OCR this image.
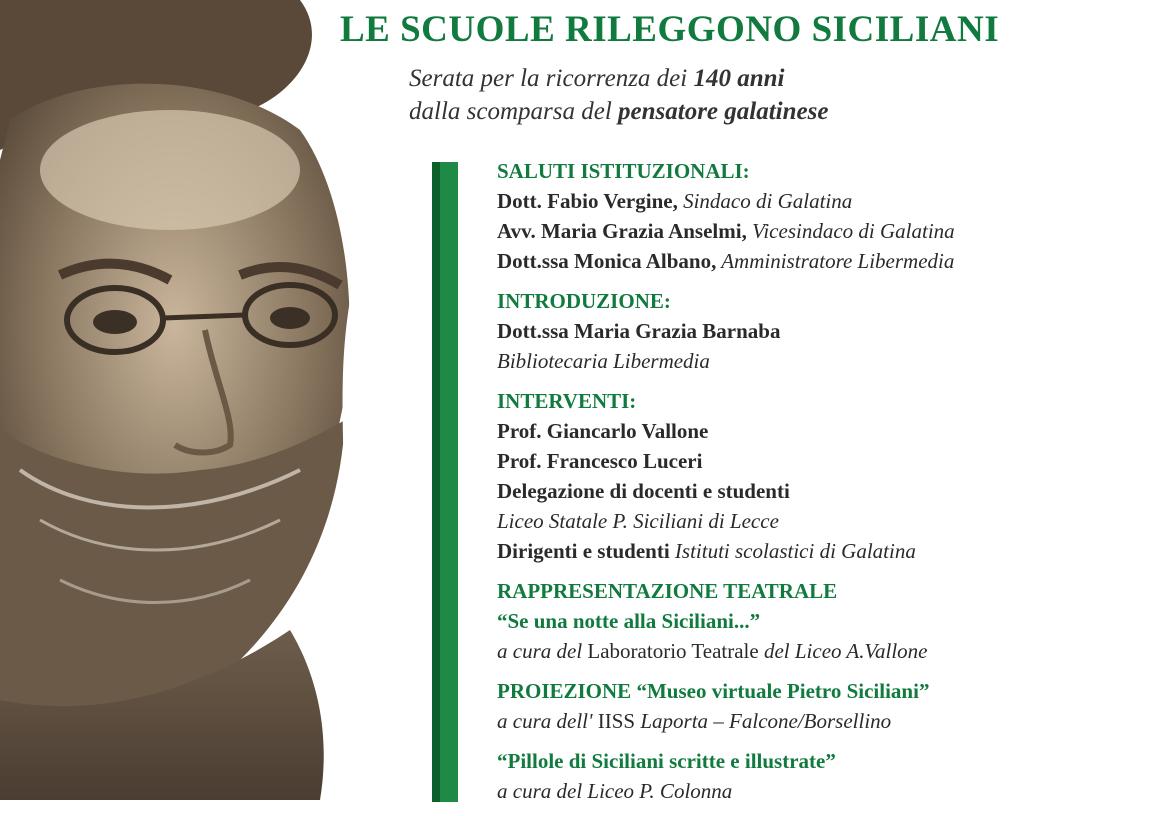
LE SCUOLE RILEGGONO SICILIANI
Serata per la ricorrenza dei 140 anni
dalla scomparsa del pensatore galatinese
SALUTI ISTITUZIONALI:
Dott. Fabio Vergine, Sindaco di Galatina
Avv. Maria Grazia Anselmi, Vicesindaco di Galatina
Dott.ssa Monica Albano, Amministratore Libermedia
INTRODUZIONE:
Dott.ssa Maria Grazia Barnaba
Bibliotecaria Libermedia
INTERVENTI:
Prof. Giancarlo Vallone
Prof. Francesco Luceri
Delegazione di docenti e studenti
Liceo Statale P. Siciliani di Lecce
Dirigenti e studenti Istituti scolastici di Galatina
RAPPRESENTAZIONE TEATRALE
“Se una notte alla Siciliani...”
a cura del Laboratorio Teatrale del Liceo A.Vallone
PROIEZIONE “Museo virtuale Pietro Siciliani”
a cura dell' IISS Laporta – Falcone/Borsellino
“Pillole di Siciliani scritte e illustrate”
a cura del Liceo P. Colonna
